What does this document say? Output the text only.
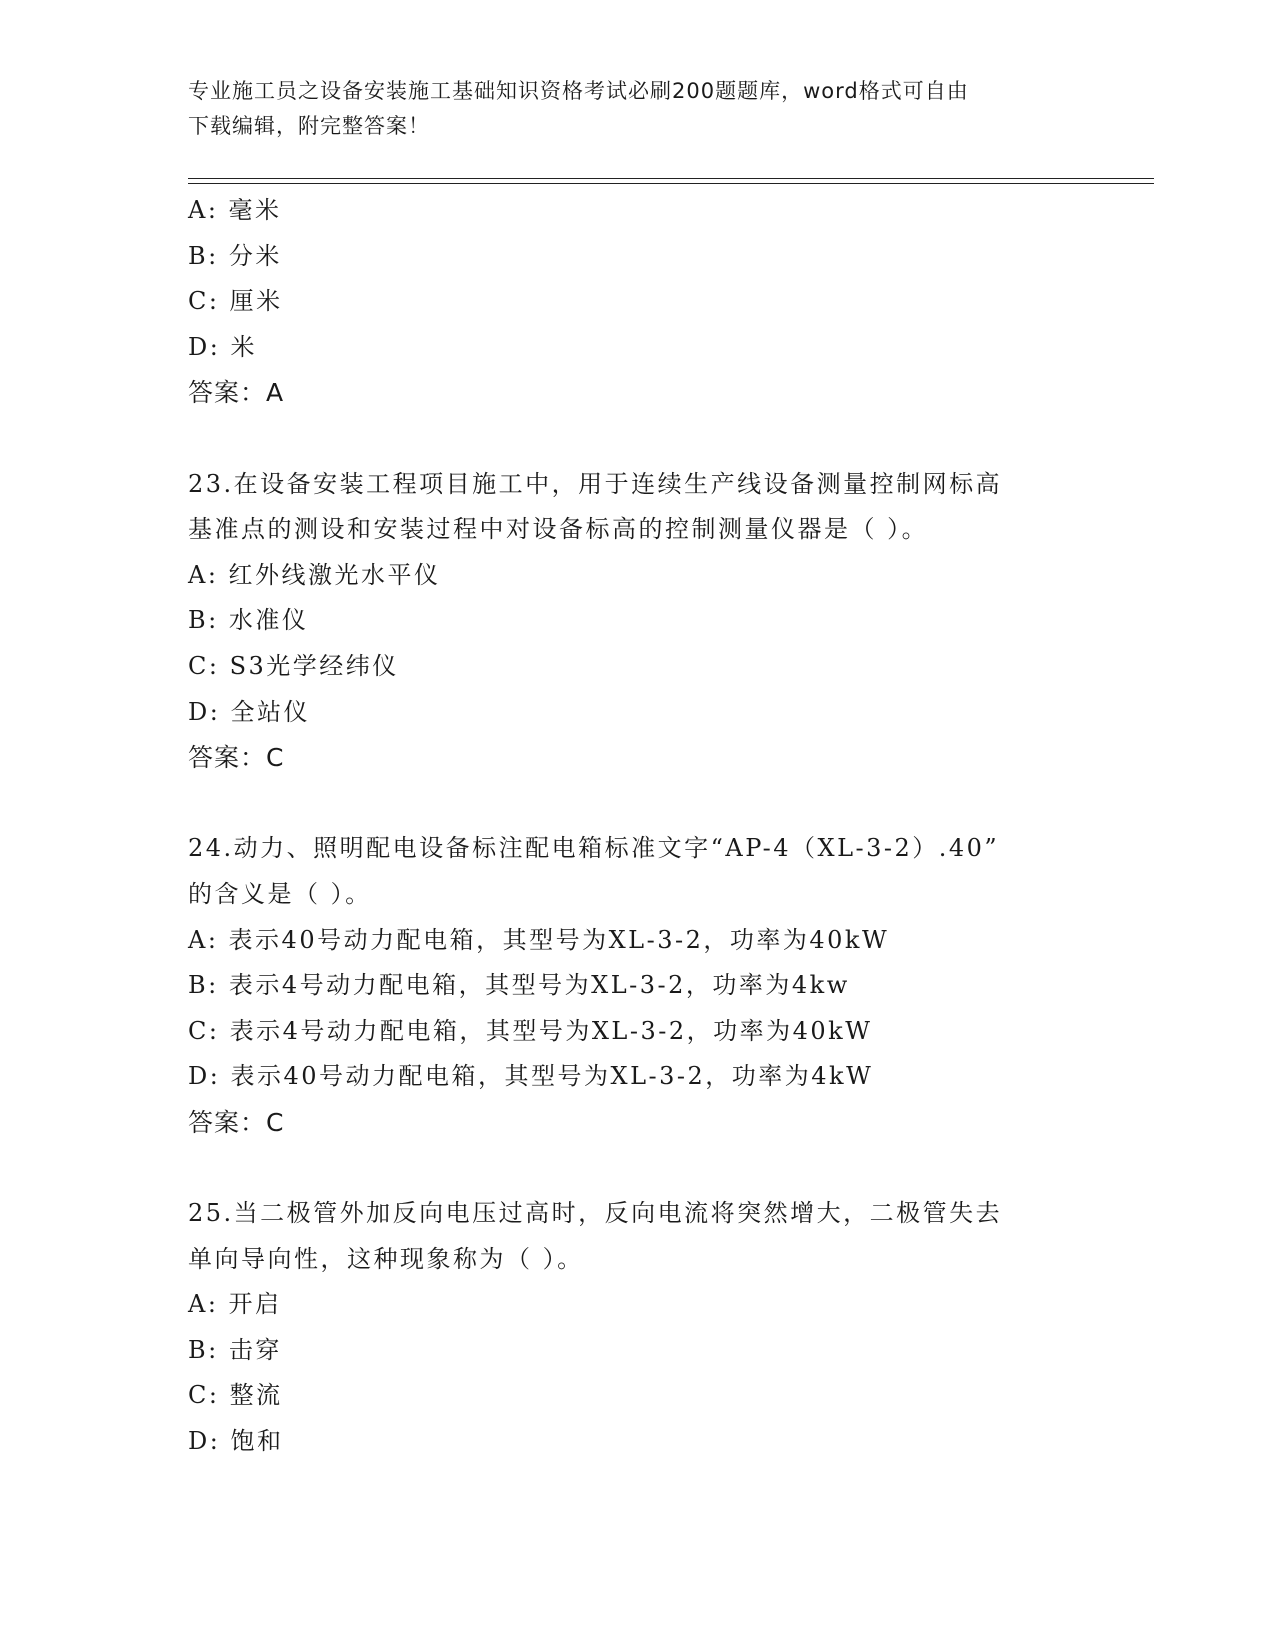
专业施工员之设备安装施工基础知识资格考试必刷200题题库，word格式可自由
下载编辑，附完整答案！
A: 毫米
B: 分米
C: 厘米
D: 米
答案：A
23.在设备安装工程项目施工中，用于连续生产线设备测量控制网标高
基准点的测设和安装过程中对设备标高的控制测量仪器是（ ）。
A: 红外线激光水平仪
B: 水准仪
C: S3光学经纬仪
D: 全站仪
答案：C
24.动力、照明配电设备标注配电箱标准文字“AP-4（XL-3-2）.40”
的含义是（ ）。
A: 表示40号动力配电箱，其型号为XL-3-2，功率为40kW
B: 表示4号动力配电箱，其型号为XL-3-2，功率为4kw
C: 表示4号动力配电箱，其型号为XL-3-2，功率为40kW
D: 表示40号动力配电箱，其型号为XL-3-2，功率为4kW
答案：C
25.当二极管外加反向电压过高时，反向电流将突然增大，二极管失去
单向导向性，这种现象称为（ ）。
A: 开启
B: 击穿
C: 整流
D: 饱和
